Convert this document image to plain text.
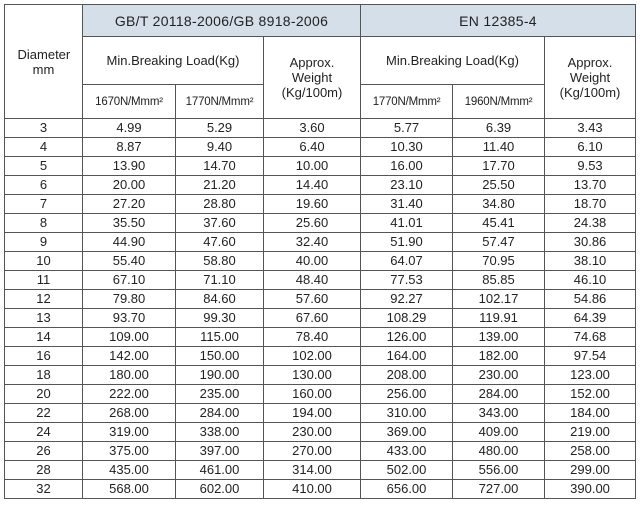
Diameter mm	GB/T 20118-2006/GB 8918-2006			EN 12385-4		
	Min.Breaking Load(Kg)		Approx. Weight (Kg/100m)	Min.Breaking Load(Kg)		Approx. Weight (Kg/100m)
	1670N/Mmm²	1770N/Mmm²		1770N/Mmm²	1960N/Mmm²	
3	4.99	5.29	3.60	5.77	6.39	3.43
4	8.87	9.40	6.40	10.30	11.40	6.10
5	13.90	14.70	10.00	16.00	17.70	9.53
6	20.00	21.20	14.40	23.10	25.50	13.70
7	27.20	28.80	19.60	31.40	34.80	18.70
8	35.50	37.60	25.60	41.01	45.41	24.38
9	44.90	47.60	32.40	51.90	57.47	30.86
10	55.40	58.80	40.00	64.07	70.95	38.10
11	67.10	71.10	48.40	77.53	85.85	46.10
12	79.80	84.60	57.60	92.27	102.17	54.86
13	93.70	99.30	67.60	108.29	119.91	64.39
14	109.00	115.00	78.40	126.00	139.00	74.68
16	142.00	150.00	102.00	164.00	182.00	97.54
18	180.00	190.00	130.00	208.00	230.00	123.00
20	222.00	235.00	160.00	256.00	284.00	152.00
22	268.00	284.00	194.00	310.00	343.00	184.00
24	319.00	338.00	230.00	369.00	409.00	219.00
26	375.00	397.00	270.00	433.00	480.00	258.00
28	435.00	461.00	314.00	502.00	556.00	299.00
32	568.00	602.00	410.00	656.00	727.00	390.00
